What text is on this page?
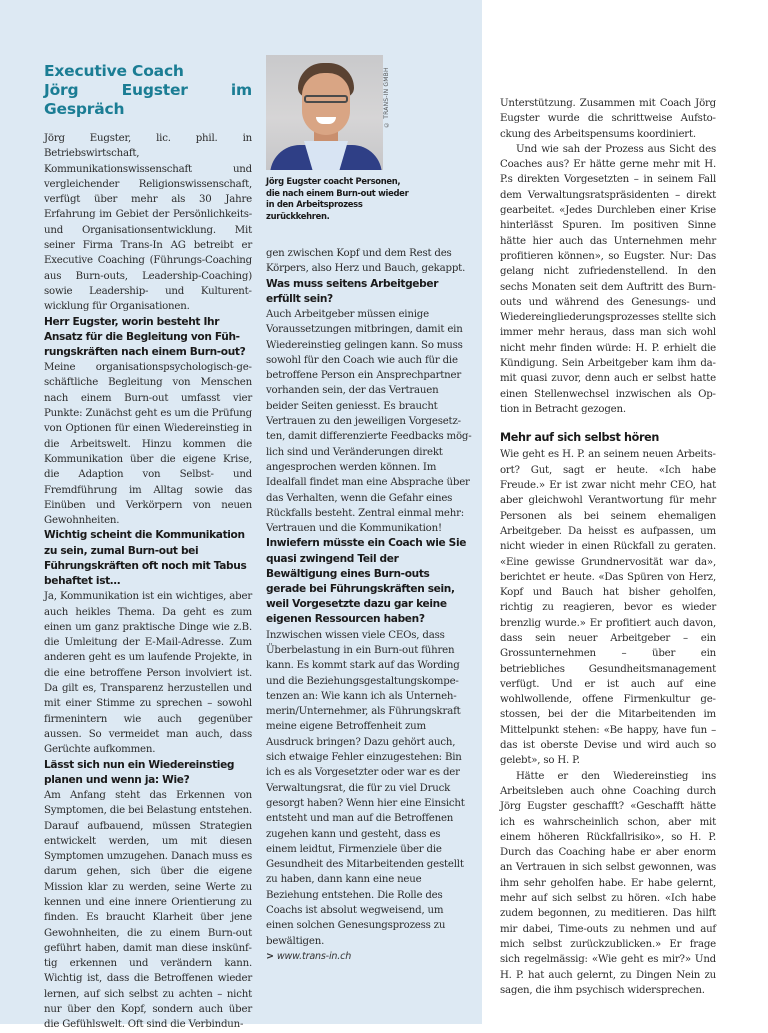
Executive Coach
Jörg Eugster im Gespräch

Jörg Eugster, lic. phil. in Betriebswirtschaft, Kommunikationswissenschaft und vergleichender Religionswissenschaft, verfügt über mehr als 30 Jahre Erfahrung im Gebiet der Persönlichkeits- und Organisationsentwicklung. Mit seiner Firma Trans-In AG betreibt er Executive Coaching (Führungs-Coaching aus Burn-outs, Leadership-Coaching) sowie Leadership- und Kulturentwicklung für Organisationen.

Herr Eugster, worin besteht Ihr Ansatz für die Begleitung von Führungskräften nach einem Burn-out?

Meine organisationspsychologisch-geschäftliche Begleitung von Menschen nach einem Burn-out umfasst vier Punkte: Zunächst geht es um die Prüfung von Optionen für einen Wiedereinstieg in die Arbeitswelt. Hinzu kommen die Kommunikation über die eigene Krise, die Adaption von Selbst- und Fremdführung im Alltag sowie das Einüben und Verkörpern von neuen Gewohnheiten.

Wichtig scheint die Kommunikation zu sein, zumal Burn-out bei Führungskräften oft noch mit Tabus behaftet ist…

Ja, Kommunikation ist ein wichtiges, aber auch heikles Thema. Da geht es zum einen um ganz praktische Dinge wie z.B. die Umleitung der E-Mail-Adresse. Zum anderen geht es um laufende Projekte, in die eine betroffene Person involviert ist. Da gilt es, Transparenz herzustellen und mit einer Stimme zu sprechen – sowohl firmenintern wie auch gegenüber aussen. So vermeidet man auch, dass Gerüchte aufkommen.

Lässt sich nun ein Wiedereinstieg planen und wenn ja: Wie?

Am Anfang steht das Erkennen von Symptomen, die bei Belastung entstehen. Darauf aufbauend, müssen Strategien entwickelt werden, um mit diesen Symptomen umzugehen. Danach muss es darum gehen, sich über die eigene Mission klar zu werden, seine Werte zu kennen und eine innere Orientierung zu finden. Es braucht Klarheit über jene Gewohnheiten, die zu einem Burn-out geführt haben, damit man diese inskünftig erkennen und verändern kann. Wichtig ist, dass die Betroffenen wieder lernen, auf sich selbst zu achten – nicht nur über den Kopf, sondern auch über die Gefühlswelt. Oft sind die Verbindun-

© TRANS-IN GMBH
Jörg Eugster coacht Personen, die nach einem Burn-out wieder in den Arbeitsprozess zurückkehren.

gen zwischen Kopf und dem Rest des Körpers, also Herz und Bauch, gekappt.

Was muss seitens Arbeitgeber erfüllt sein?

Auch Arbeitgeber müssen einige Voraussetzungen mitbringen, damit ein Wiedereinstieg gelingen kann. So muss sowohl für den Coach wie auch für die betroffene Person ein Ansprechpartner vorhanden sein, der das Vertrauen beider Seiten geniesst. Es braucht Vertrauen zu den jeweiligen Vorgesetzten, damit differenzierte Feedbacks möglich sind und Veränderungen direkt angesprochen werden können. Im Idealfall findet man eine Absprache über das Verhalten, wenn die Gefahr eines Rückfalls besteht. Zentral einmal mehr: Vertrauen und die Kommunikation!

Inwiefern müsste ein Coach wie Sie quasi zwingend Teil der Bewältigung eines Burn-outs gerade bei Führungskräften sein, weil Vorgesetzte dazu gar keine eigenen Ressourcen haben?

Inzwischen wissen viele CEOs, dass Überbelastung in ein Burn-out führen kann. Es kommt stark auf das Wording und die Beziehungsgestaltungskompetenzen an: Wie kann ich als Unternehmerin/Unternehmer, als Führungskraft meine eigene Betroffenheit zum Ausdruck bringen? Dazu gehört auch, sich etwaige Fehler einzugestehen: Bin ich es als Vorgesetzter oder war es der Verwaltungsrat, die für zu viel Druck gesorgt haben? Wenn hier eine Einsicht entsteht und man auf die Betroffenen zugehen kann und gesteht, dass es einem leidtut, Firmenziele über die Gesundheit des Mitarbeitenden gestellt zu haben, dann kann eine neue Beziehung entstehen. Die Rolle des Coachs ist absolut wegweisend, um einen solchen Genesungsprozess zu bewältigen.

> www.trans-in.ch

Unterstützung. Zusammen mit Coach Jörg Eugster wurde die schrittweise Aufstockung des Arbeitspensums koordiniert.

Und wie sah der Prozess aus Sicht des Coaches aus? Er hätte gerne mehr mit H. P.s direkten Vorgesetzten – in seinem Fall dem Verwaltungsratspräsidenten – direkt gearbeitet. «Jedes Durchleben einer Krise hinterlässt Spuren. Im positiven Sinne hätte hier auch das Unternehmen mehr profitieren können», so Eugster. Nur: Das gelang nicht zufriedenstellend. In den sechs Monaten seit dem Auftritt des Burnouts und während des Genesungs- und Wiedereingliederungsprozesses stellte sich immer mehr heraus, dass man sich wohl nicht mehr finden würde: H. P. erhielt die Kündigung. Sein Arbeitgeber kam ihm damit quasi zuvor, denn auch er selbst hatte einen Stellenwechsel inzwischen als Option in Betracht gezogen.

Mehr auf sich selbst hören

Wie geht es H. P. an seinem neuen Arbeitsort? Gut, sagt er heute. «Ich habe Freude.» Er ist zwar nicht mehr CEO, hat aber gleichwohl Verantwortung für mehr Personen als bei seinem ehemaligen Arbeitgeber. Da heisst es aufpassen, um nicht wieder in einen Rückfall zu geraten. «Eine gewisse Grundnervosität war da», berichtet er heute. «Das Spüren von Herz, Kopf und Bauch hat bisher geholfen, richtig zu reagieren, bevor es wieder brenzlig wurde.» Er profitiert auch davon, dass sein neuer Arbeitgeber – ein Grossunternehmen – über ein betriebliches Gesundheitsmanagement verfügt. Und er ist auch auf eine wohlwollende, offene Firmenkultur gestossen, bei der die Mitarbeitenden im Mittelpunkt stehen: «Be happy, have fun – das ist oberste Devise und wird auch so gelebt», so H. P.

Hätte er den Wiedereinstieg ins Arbeitsleben auch ohne Coaching durch Jörg Eugster geschafft? «Geschafft hätte ich es wahrscheinlich schon, aber mit einem höheren Rückfallrisiko», so H. P. Durch das Coaching habe er aber enorm an Vertrauen in sich selbst gewonnen, was ihm sehr geholfen habe. Er habe gelernt, mehr auf sich selbst zu hören. «Ich habe zudem begonnen, zu meditieren. Das hilft mir dabei, Time-outs zu nehmen und auf mich selbst zurückzublicken.» Er frage sich regelmässig: «Wie geht es mir?» Und H. P. hat auch gelernt, zu Dingen Nein zu sagen, die ihm psychisch widersprechen.
